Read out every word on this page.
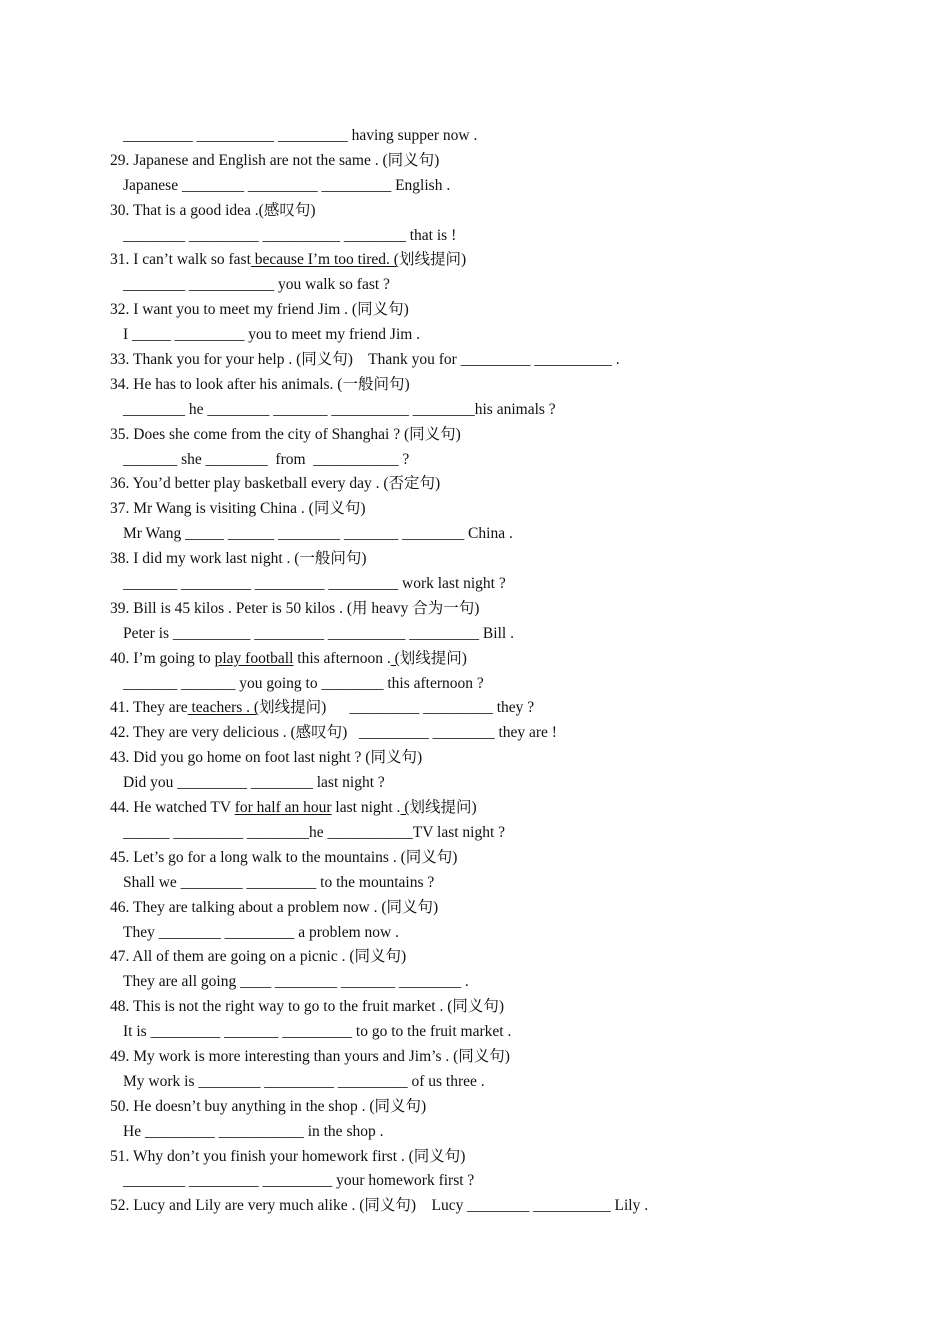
_________ __________ _________ having supper now .
29. Japanese and English are not the same . (同义句)
Japanese ________ _________ _________ English .
30. That is a good idea .(感叹句)
________ _________ __________ ________ that is !
31. I can’t walk so fast because I’m too tired. (划线提问)
________ ___________ you walk so fast ?
32. I want you to meet my friend Jim . (同义句)
I _____ _________ you to meet my friend Jim .
33. Thank you for your help . (同义句)    Thank you for _________ __________ .
34. He has to look after his animals. (一般问句)
________ he ________ _______ __________ ________his animals ?
35. Does she come from the city of Shanghai ? (同义句)
_______ she ________  from  ___________ ?
36. You’d better play basketball every day . (否定句)
37. Mr Wang is visiting China . (同义句)
Mr Wang _____ ______ ________ _______ ________ China .
38. I did my work last night . (一般问句)
_______ _________ _________ _________ work last night ?
39. Bill is 45 kilos . Peter is 50 kilos . (用 heavy 合为一句)
Peter is __________ _________ __________ _________ Bill .
40. I’m going to play football this afternoon . (划线提问)
_______ _______ you going to ________ this afternoon ?
41. They are teachers . (划线提问)      _________ _________ they ?
42. They are very delicious . (感叹句)   _________ ________ they are !
43. Did you go home on foot last night ? (同义句)
Did you _________ ________ last night ?
44. He watched TV for half an hour last night . (划线提问)
______ _________ ________he ___________TV last night ?
45. Let’s go for a long walk to the mountains . (同义句)
Shall we ________ _________ to the mountains ?
46. They are talking about a problem now . (同义句)
They ________ _________ a problem now .
47. All of them are going on a picnic . (同义句)
They are all going ____ ________ _______ ________ .
48. This is not the right way to go to the fruit market . (同义句)
It is _________ _______ _________ to go to the fruit market .
49. My work is more interesting than yours and Jim’s . (同义句)
My work is ________ _________ _________ of us three .
50. He doesn’t buy anything in the shop . (同义句)
He _________ ___________ in the shop .
51. Why don’t you finish your homework first . (同义句)
________ _________ _________ your homework first ?
52. Lucy and Lily are very much alike . (同义句)    Lucy ________ __________ Lily .
